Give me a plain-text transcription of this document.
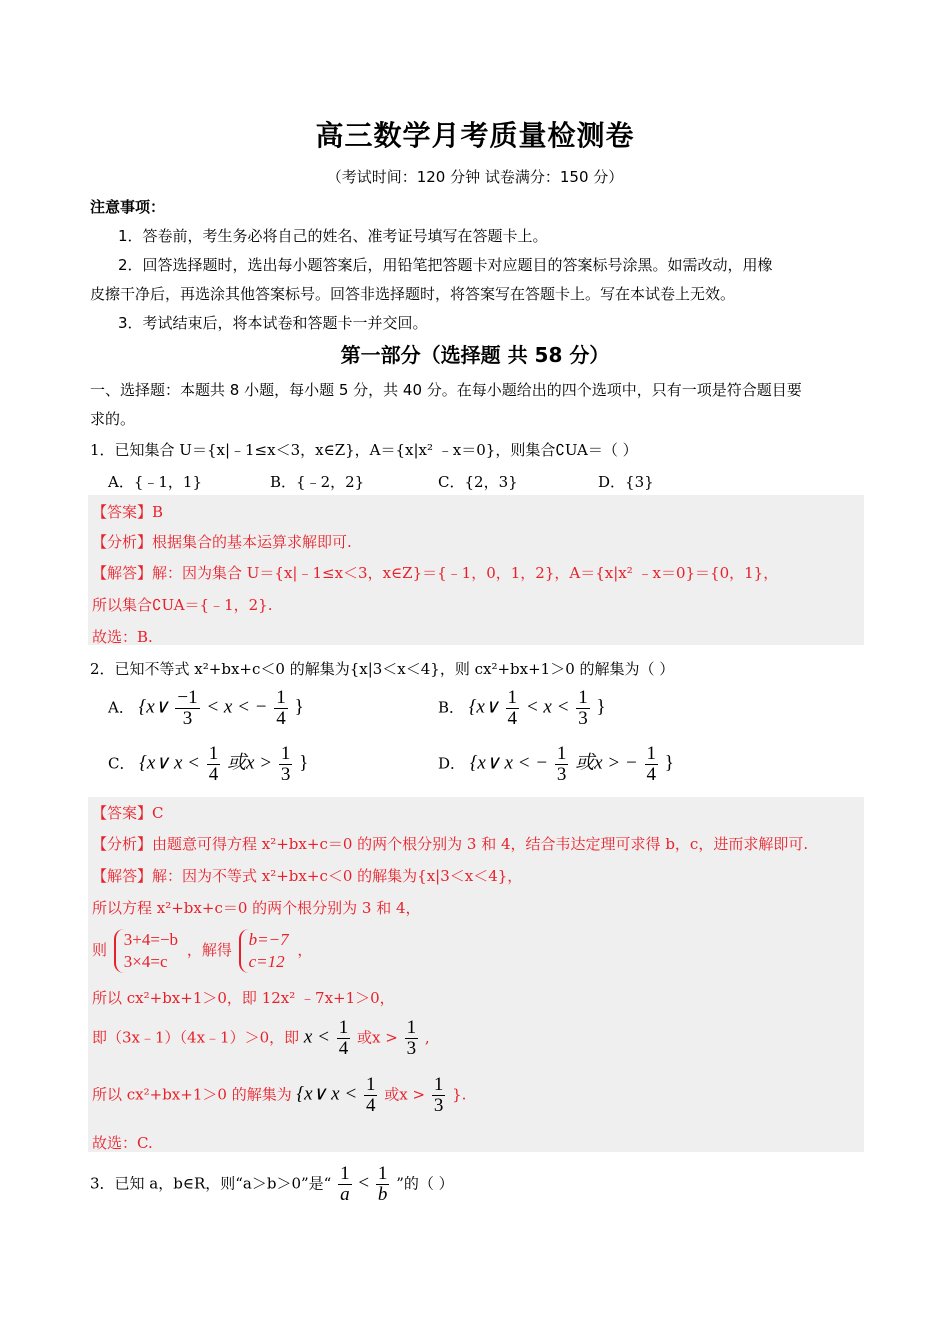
高三数学月考质量检测卷
（考试时间：120 分钟 试卷满分：150 分）
注意事项：
1．答卷前，考生务必将自己的姓名、准考证号填写在答题卡上。
2．回答选择题时，选出每小题答案后，用铅笔把答题卡对应题目的答案标号涂黑。如需改动，用橡
皮擦干净后，再选涂其他答案标号。回答非选择题时，将答案写在答题卡上。写在本试卷上无效。
3．考试结束后，将本试卷和答题卡一并交回。
第一部分（选择题 共 58 分）
一、选择题：本题共 8 小题，每小题 5 分，共 40 分。在每小题给出的四个选项中，只有一项是符合题目要
求的。
1．已知集合 U＝{x|﹣1≤x＜3，x∈Z}，A＝{x|x² ﹣x＝0}，则集合∁UA＝（ ）
A．{﹣1，1}	B．{﹣2，2}	C．{2，3}	D．{3}
【答案】B
【分析】根据集合的基本运算求解即可.
【解答】解：因为集合 U＝{x|﹣1≤x＜3，x∈Z}＝{﹣1，0，1，2}，A＝{x|x² ﹣x＝0}＝{0，1}，
所以集合∁UA＝{﹣1，2}.
故选：B.
2．已知不等式 x²+bx+c＜0 的解集为{x|3＜x＜4}，则 cx²+bx+1＞0 的解集为（ ）
A． {x∨ $\frac{-1}{3} < x$ < − $\frac{1}{4}$ }	B． {x∨ $\frac{1}{4} < x < \frac{1}{3}$ }
C． {x∨ $x < \frac{1}{4}$ 或$x > \frac{1}{3}$ }	D． {x∨ x < − $\frac{1}{3}$ 或x > − $\frac{1}{4}$ }
【答案】C
【分析】由题意可得方程 x²+bx+c＝0 的两个根分别为 3 和 4，结合韦达定理可求得 b，c，进而求解即可.
【解答】解：因为不等式 x²+bx+c＜0 的解集为{x|3＜x＜4}，
所以方程 x²+bx+c＝0 的两个根分别为 3 和 4，
则
3+4=−b
3×4=c
，解得
b=−7
c=12
，
所以 cx²+bx+1＞0，即 12x² ﹣7x+1＞0，
即（3x﹣1）（4x﹣1）＞0，即 $x < \frac{1}{4}$ 或$x > \frac{1}{3}$ ,
所以 cx²+bx+1＞0 的解集为 {x∨ $x < \frac{1}{4}$ 或$x > \frac{1}{3}$ }.
故选：C.
3．已知 a，b∈R，则“a＞b＞0”是“ $\frac{1}{a} < \frac{1}{b}$ ”的（ ）
